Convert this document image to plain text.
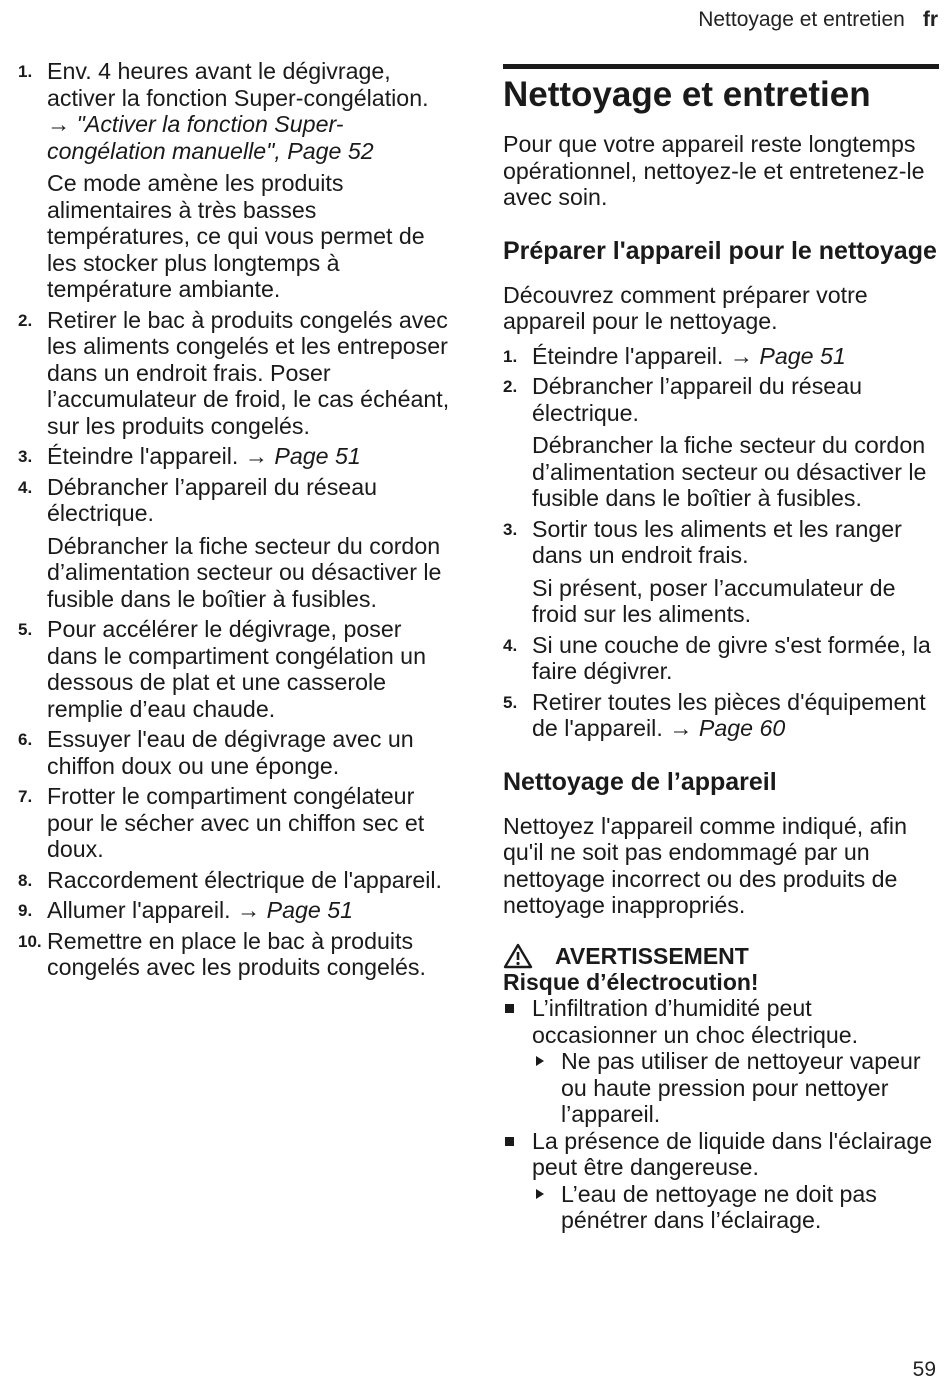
Nettoyage et entretien fr
1. Env. 4 heures avant le dégivrage, activer la fonction Super-congélation.

→ "Activer la fonction Super-congélation manuelle", Page 52

Ce mode amène les produits alimentaires à très basses températures, ce qui vous permet de les stocker plus longtemps à température ambiante.

2. Retirer le bac à produits congelés avec les aliments congelés et les entreposer dans un endroit frais. Poser l’accumulateur de froid, le cas échéant, sur les produits congelés.

3. Éteindre l'appareil. → Page 51

4. Débrancher l’appareil du réseau électrique.

Débrancher la fiche secteur du cordon d’alimentation secteur ou désactiver le fusible dans le boîtier à fusibles.

5. Pour accélérer le dégivrage, poser dans le compartiment congélation un dessous de plat et une casserole remplie d’eau chaude.

6. Essuyer l'eau de dégivrage avec un chiffon doux ou une éponge.

7. Frotter le compartiment congélateur pour le sécher avec un chiffon sec et doux.

8. Raccordement électrique de l'appareil.

9. Allumer l'appareil. → Page 51

10. Remettre en place le bac à produits congelés avec les produits congelés.

Nettoyage et entretien

Pour que votre appareil reste longtemps opérationnel, nettoyez-le et entretenez-le avec soin.

Préparer l'appareil pour le nettoyage

Découvrez comment préparer votre appareil pour le nettoyage.

1. Éteindre l'appareil. → Page 51

2. Débrancher l’appareil du réseau électrique.

Débrancher la fiche secteur du cordon d’alimentation secteur ou désactiver le fusible dans le boîtier à fusibles.

3. Sortir tous les aliments et les ranger dans un endroit frais.

Si présent, poser l’accumulateur de froid sur les aliments.

4. Si une couche de givre s'est formée, la faire dégivrer.

5. Retirer toutes les pièces d'équipement de l'appareil. → Page 60

Nettoyage de l’appareil

Nettoyez l'appareil comme indiqué, afin qu'il ne soit pas endommagé par un nettoyage incorrect ou des produits de nettoyage inappropriés.

AVERTISSEMENT
Risque d’électrocution!
L’infiltration d’humidité peut occasionner un choc électrique.
Ne pas utiliser de nettoyeur vapeur ou haute pression pour nettoyer l’appareil.
La présence de liquide dans l'éclairage peut être dangereuse.
L’eau de nettoyage ne doit pas pénétrer dans l’éclairage.
59
